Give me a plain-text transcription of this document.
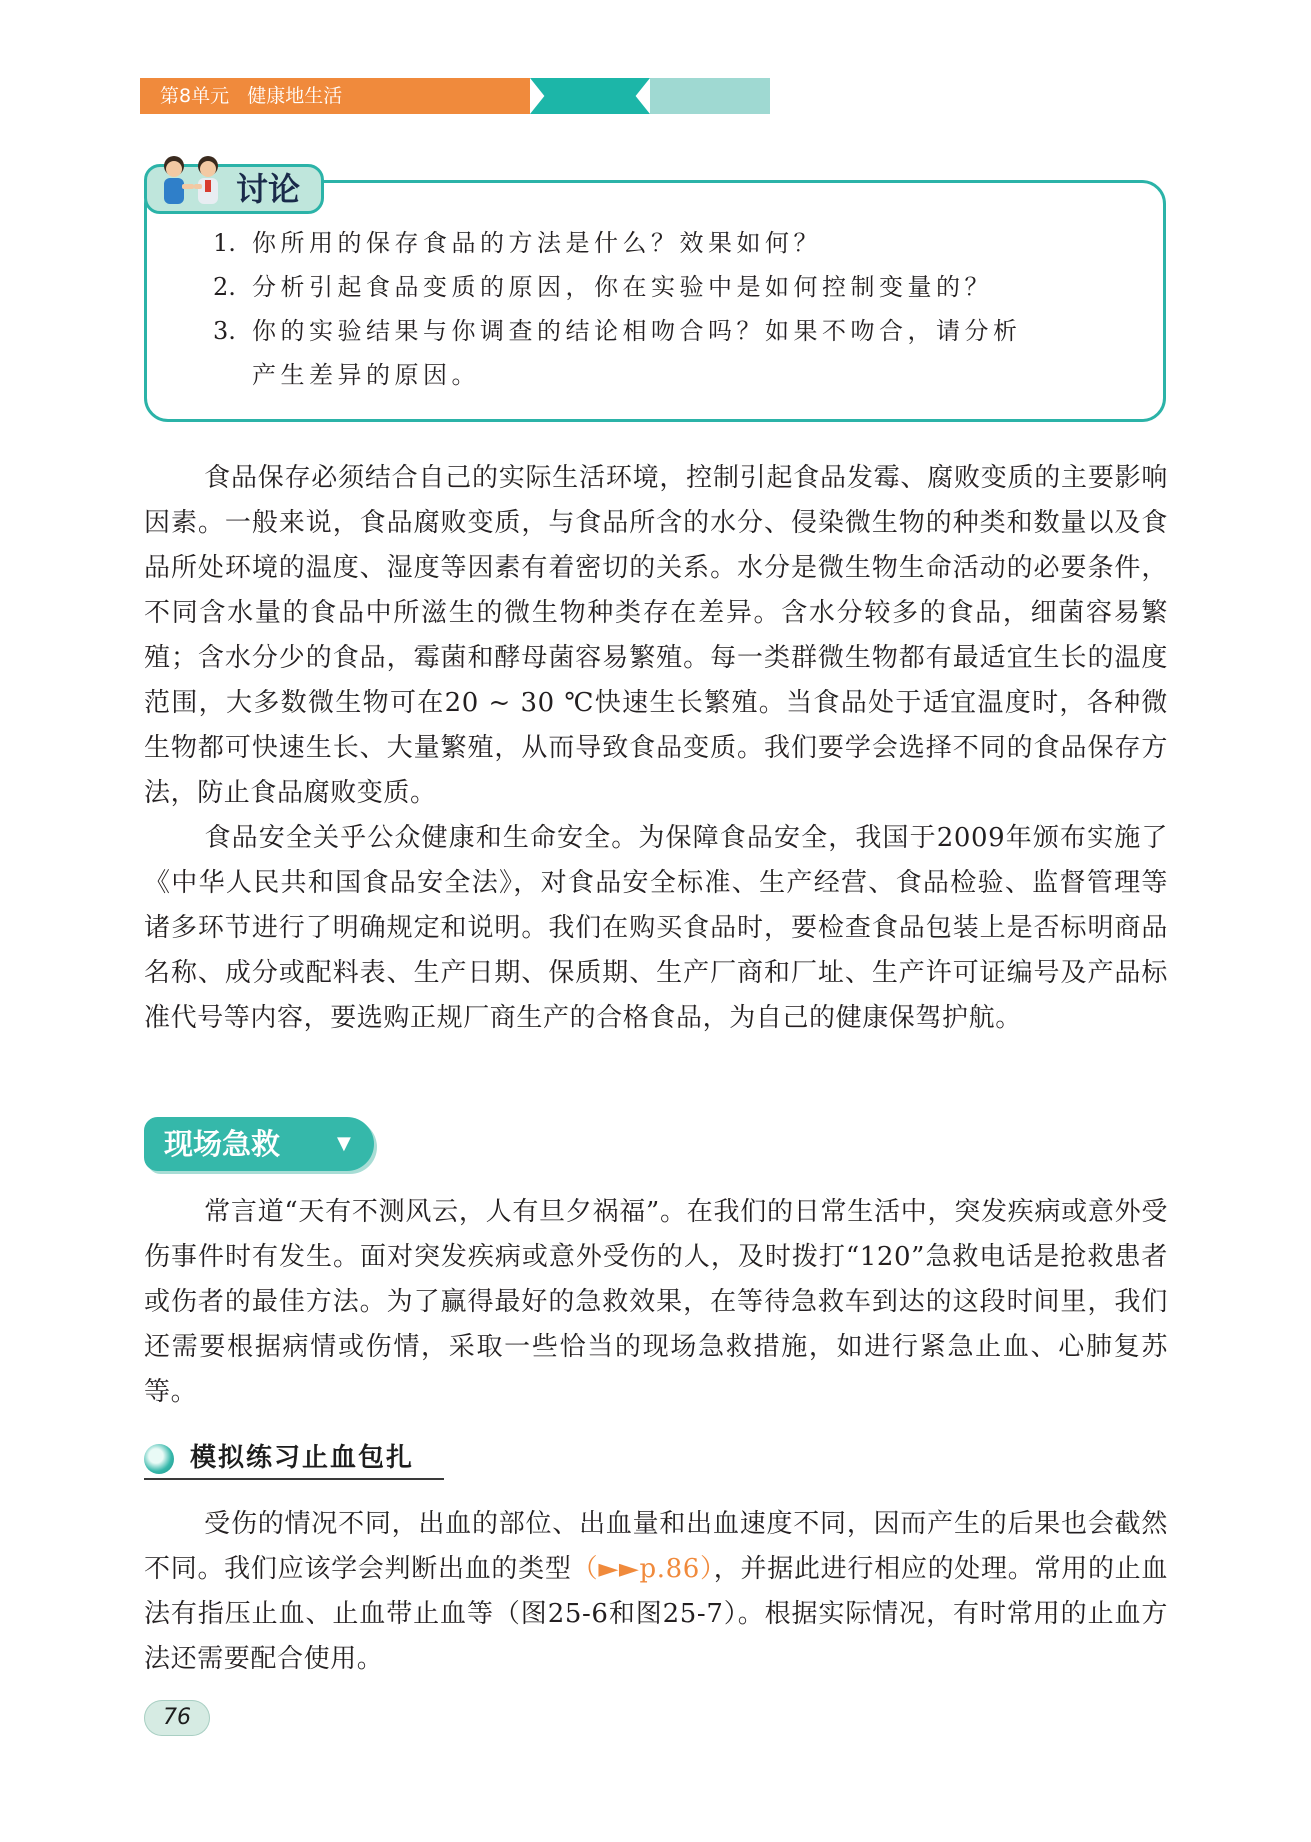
第8单元 健康地生活
讨论
1. 你所用的保存食品的方法是什么？效果如何？
2. 分析引起食品变质的原因，你在实验中是如何控制变量的？
3. 你的实验结果与你调查的结论相吻合吗？如果不吻合，请分析
产生差异的原因。

食品保存必须结合自己的实际生活环境，控制引起食品发霉、腐败变质的主要影响因素。一般来说，食品腐败变质，与食品所含的水分、侵染微生物的种类和数量以及食品所处环境的温度、湿度等因素有着密切的关系。水分是微生物生命活动的必要条件，不同含水量的食品中所滋生的微生物种类存在差异。含水分较多的食品，细菌容易繁殖；含水分少的食品，霉菌和酵母菌容易繁殖。每一类群微生物都有最适宜生长的温度范围，大多数微生物可在20 ~ 30 ℃快速生长繁殖。当食品处于适宜温度时，各种微生物都可快速生长、大量繁殖，从而导致食品变质。我们要学会选择不同的食品保存方法，防止食品腐败变质。

食品安全关乎公众健康和生命安全。为保障食品安全，我国于2009年颁布实施了《中华人民共和国食品安全法》，对食品安全标准、生产经营、食品检验、监督管理等诸多环节进行了明确规定和说明。我们在购买食品时，要检查食品包装上是否标明商品名称、成分或配料表、生产日期、保质期、生产厂商和厂址、生产许可证编号及产品标准代号等内容，要选购正规厂商生产的合格食品，为自己的健康保驾护航。

现场急救	▼

常言道“天有不测风云，人有旦夕祸福”。在我们的日常生活中，突发疾病或意外受伤事件时有发生。面对突发疾病或意外受伤的人，及时拨打“120”急救电话是抢救患者或伤者的最佳方法。为了赢得最好的急救效果，在等待急救车到达的这段时间里，我们还需要根据病情或伤情，采取一些恰当的现场急救措施，如进行紧急止血、心肺复苏等。

模拟练习止血包扎

受伤的情况不同，出血的部位、出血量和出血速度不同，因而产生的后果也会截然不同。我们应该学会判断出血的类型（►►p.86），并据此进行相应的处理。常用的止血法有指压止血、止血带止血等（图25-6和图25-7）。根据实际情况，有时常用的止血方法还需要配合使用。

76
